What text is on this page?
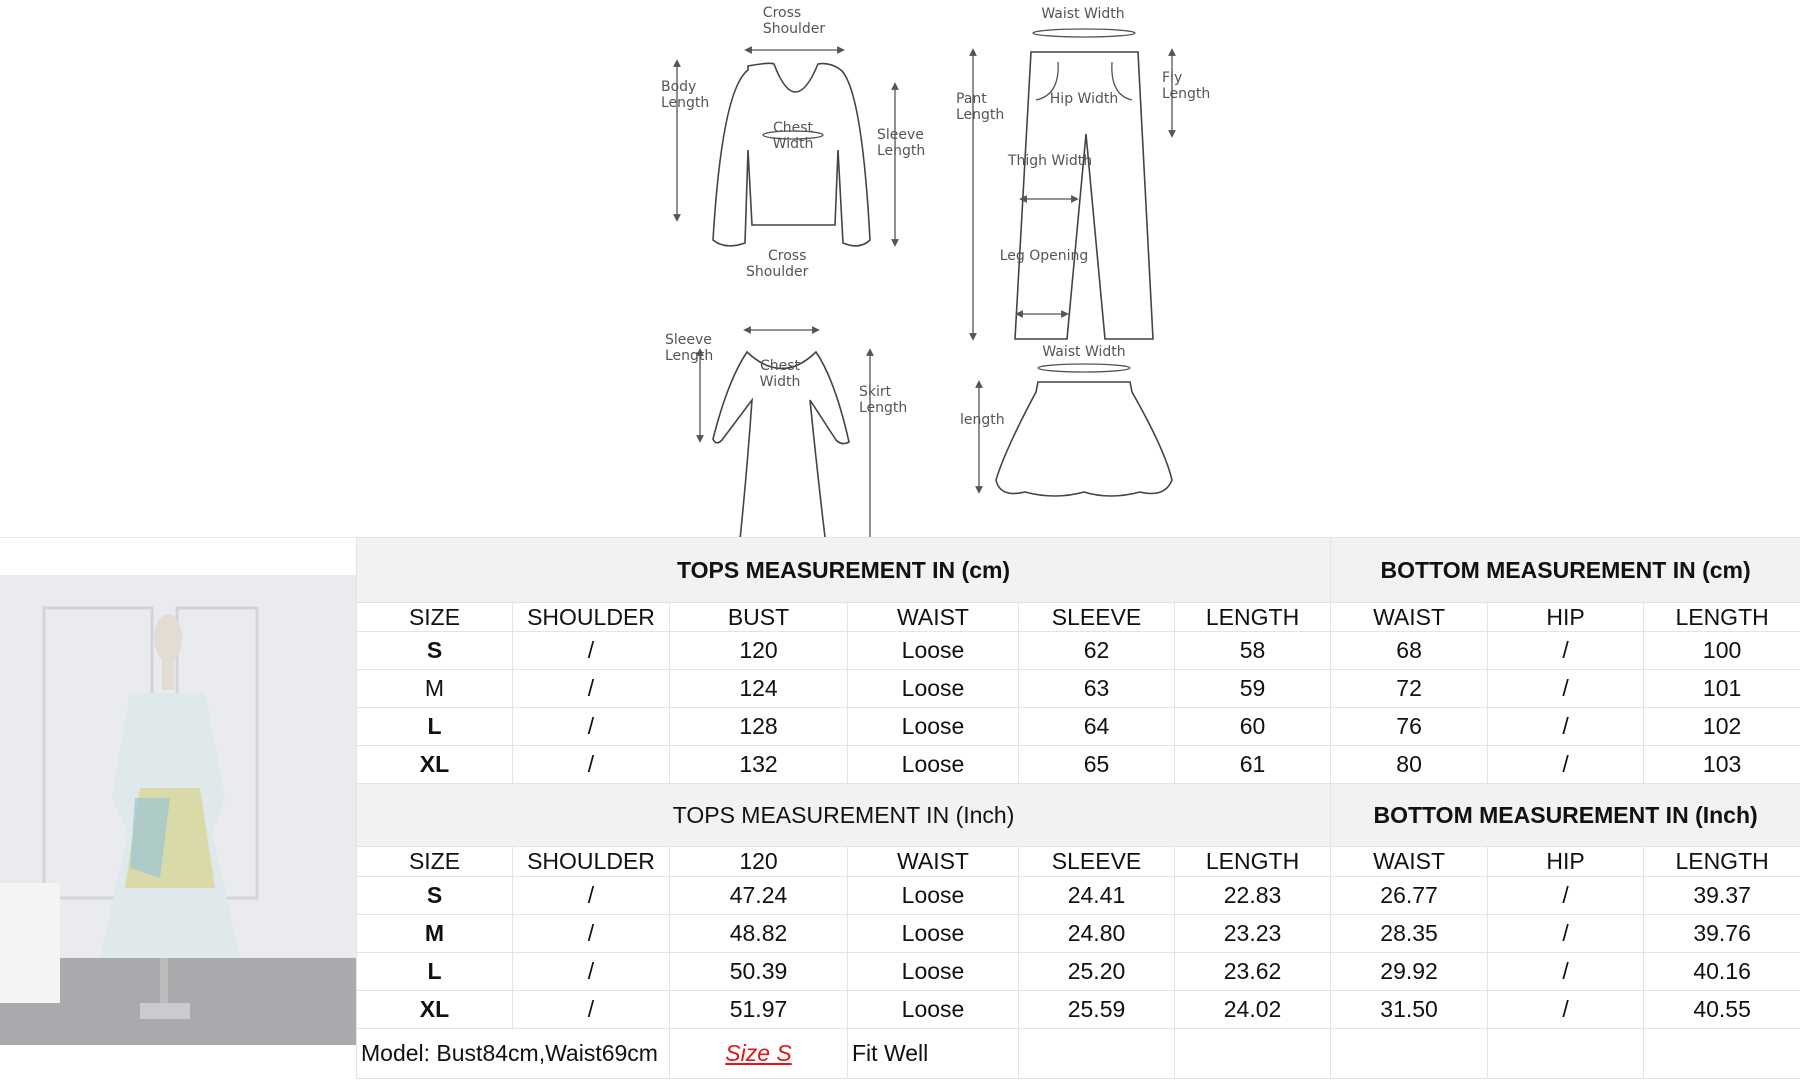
Cross
Shoulder
Body
Length
Chest
Width
Sleeve
Length
Waist Width
Pant
Length
Hip Width
Fly
Length
Thigh Width
Leg Opening
Cross
Shoulder
Sleeve
Length
Chest
Width
Skirt
Length
Waist Width
length
TOPS MEASUREMENT IN (cm)						BOTTOM MEASUREMENT IN (cm)		
SIZE	SHOULDER	BUST	WAIST	SLEEVE	LENGTH	WAIST	HIP	LENGTH
S	/	120	Loose	62	58	68	/	100
M	/	124	Loose	63	59	72	/	101
L	/	128	Loose	64	60	76	/	102
XL	/	132	Loose	65	61	80	/	103
TOPS MEASUREMENT IN (Inch)						BOTTOM MEASUREMENT IN (Inch)		
SIZE	SHOULDER	120	WAIST	SLEEVE	LENGTH	WAIST	HIP	LENGTH
S	/	47.24	Loose	24.41	22.83	26.77	/	39.37
M	/	48.82	Loose	24.80	23.23	28.35	/	39.76
L	/	50.39	Loose	25.20	23.62	29.92	/	40.16
XL	/	51.97	Loose	25.59	24.02	31.50	/	40.55
Model: Bust84cm,Waist69cm		Size S	Fit Well					
